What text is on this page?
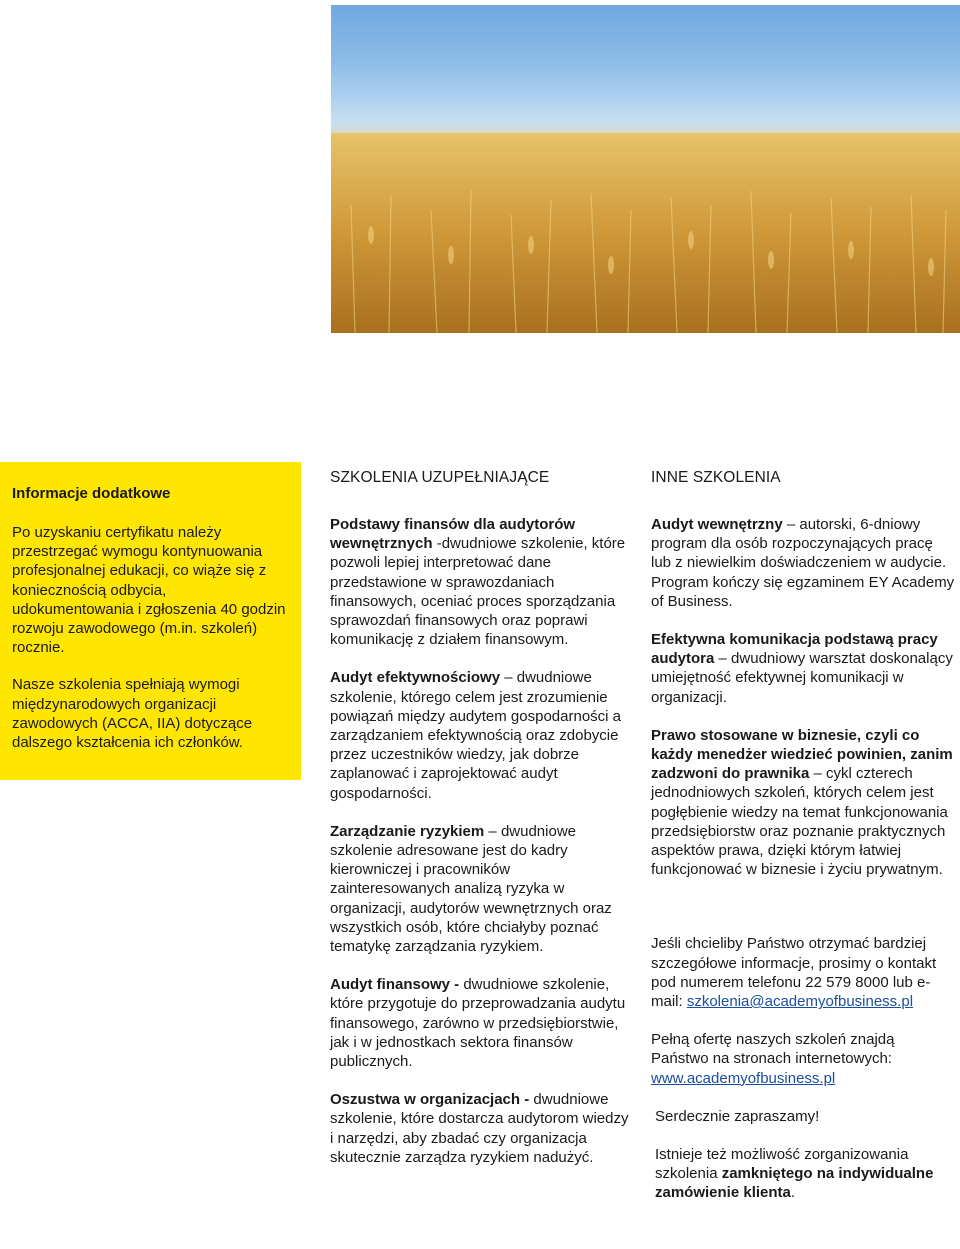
Informacje dodatkowe
Po uzyskaniu certyfikatu należy przestrzegać wymogu kontynuowania profesjonalnej edukacji, co wiąże się z koniecznością odbycia, udokumentowania i zgłoszenia 40 godzin rozwoju zawodowego (m.in. szkoleń) rocznie.
Nasze szkolenia spełniają wymogi międzynarodowych organizacji zawodowych (ACCA, IIA) dotyczące dalszego kształcenia ich członków.
SZKOLENIA UZUPEŁNIAJĄCE
Podstawy finansów dla audytorów wewnętrznych -dwudniowe szkolenie, które pozwoli lepiej interpretować dane przedstawione w sprawozdaniach finansowych, oceniać proces sporządzania sprawozdań finansowych oraz poprawi komunikację z działem finansowym.
Audyt efektywnościowy – dwudniowe szkolenie, którego celem jest zrozumienie powiązań między audytem gospodarności a zarządzaniem efektywnością oraz zdobycie przez uczestników wiedzy, jak dobrze zaplanować i zaprojektować audyt gospodarności.
Zarządzanie ryzykiem – dwudniowe szkolenie adresowane jest do kadry kierowniczej i pracowników zainteresowanych analizą ryzyka w organizacji, audytorów wewnętrznych oraz wszystkich osób, które chciałyby poznać tematykę zarządzania ryzykiem.
Audyt finansowy - dwudniowe szkolenie, które przygotuje do przeprowadzania audytu finansowego, zarówno w przedsiębiorstwie, jak i w jednostkach sektora finansów publicznych.
Oszustwa w organizacjach - dwudniowe szkolenie, które dostarcza audytorom wiedzy i narzędzi, aby zbadać czy organizacja skutecznie zarządza ryzykiem nadużyć.
INNE SZKOLENIA
Audyt wewnętrzny – autorski, 6-dniowy program dla osób rozpoczynających pracę lub z niewielkim doświadczeniem w audycie. Program kończy się egzaminem EY Academy of Business.
Efektywna komunikacja podstawą pracy audytora – dwudniowy warsztat doskonalący umiejętność efektywnej komunikacji w organizacji.
Prawo stosowane w biznesie, czyli co każdy menedżer wiedzieć powinien, zanim zadzwoni do prawnika – cykl czterech jednodniowych szkoleń, których celem jest pogłębienie wiedzy na temat funkcjonowania przedsiębiorstw oraz poznanie praktycznych aspektów prawa, dzięki którym łatwiej funkcjonować w biznesie i życiu prywatnym.
Jeśli chcieliby Państwo otrzymać bardziej szczegółowe informacje, prosimy o kontakt pod numerem telefonu 22 579 8000 lub e-mail: szkolenia@academyofbusiness.pl
Pełną ofertę naszych szkoleń znajdą Państwo na stronach internetowych: www.academyofbusiness.pl
Serdecznie zapraszamy!
Istnieje też możliwość zorganizowania szkolenia zamkniętego na indywidualne zamówienie klienta.
